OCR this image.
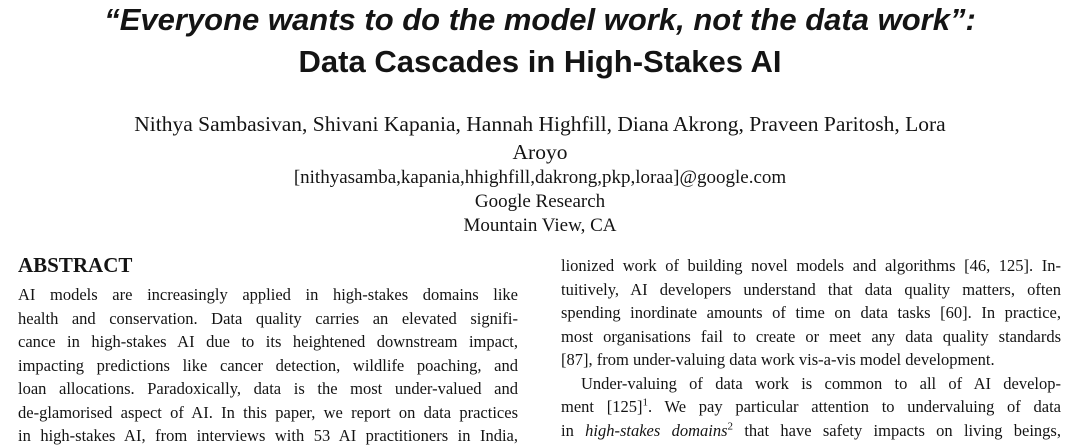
“Everyone wants to do the model work, not the data work”:
Data Cascades in High-Stakes AI
Nithya Sambasivan, Shivani Kapania, Hannah Highfill, Diana Akrong, Praveen Paritosh, Lora
Aroyo
[nithyasamba,kapania,hhighfill,dakrong,pkp,loraa]@google.com
Google Research
Mountain View, CA
ABSTRACT
AI models are increasingly applied in high-stakes domains like
health and conservation. Data quality carries an elevated signifi-
cance in high-stakes AI due to its heightened downstream impact,
impacting predictions like cancer detection, wildlife poaching, and
loan allocations. Paradoxically, data is the most under-valued and
de-glamorised aspect of AI. In this paper, we report on data practices
in high-stakes AI, from interviews with 53 AI practitioners in India,
lionized work of building novel models and algorithms [46, 125]. In-
tuitively, AI developers understand that data quality matters, often
spending inordinate amounts of time on data tasks [60]. In practice,
most organisations fail to create or meet any data quality standards
[87], from under-valuing data work vis-a-vis model development.
Under-valuing of data work is common to all of AI develop-
ment $[125]^1$. We pay particular attention to undervaluing of data
in high-stakes domains$^2$ that have safety impacts on living beings,
